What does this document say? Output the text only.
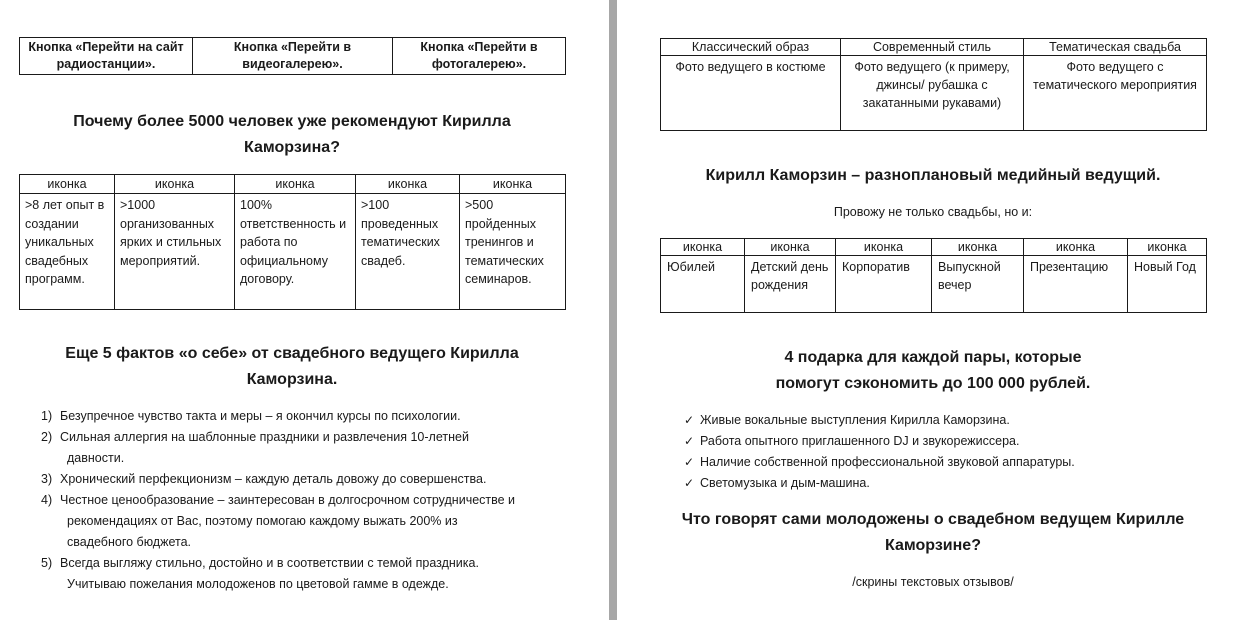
Кнопка «Перейти на сайт радиостанции».	Кнопка «Перейти в видеогалерею».	Кнопка «Перейти в фотогалерею».
Почему более 5000 человек уже рекомендуют Кирилла
Каморзина?
иконка	иконка	иконка	иконка	иконка
>8 лет опыт в создании уникальных свадебных программ.	>1000 организованных ярких и стильных мероприятий.	100% ответственность и работа по официальному договору.	>100 проведенных тематических свадеб.	>500 пройденных тренингов и тематических семинаров.
Еще 5 фактов «о себе» от свадебного ведущего Кирилла
Каморзина.
1) Безупречное чувство такта и меры – я окончил курсы по психологии.
2) Сильная аллергия на шаблонные праздники и развлечения 10-летней
давности.
3) Хронический перфекционизм – каждую деталь довожу до совершенства.
4) Честное ценообразование – заинтересован в долгосрочном сотрудничестве и
рекомендациях от Вас, поэтому помогаю каждому выжать 200% из
свадебного бюджета.
5) Всегда выгляжу стильно, достойно и в соответствии с темой праздника.
Учитываю пожелания молодоженов по цветовой гамме в одежде.
Классический образ	Современный стиль	Тематическая свадьба
Фото ведущего в костюме	Фото ведущего (к примеру, джинсы/ рубашка с закатанными рукавами)	Фото ведущего с тематического мероприятия
Кирилл Каморзин – разноплановый медийный ведущий.
Провожу не только свадьбы, но и:
иконка	иконка	иконка	иконка	иконка	иконка
Юбилей	Детский день рождения	Корпоратив	Выпускной вечер	Презентацию	Новый Год
4 подарка для каждой пары, которые
помогут сэкономить до 100 000 рублей.
✓ Живые вокальные выступления Кирилла Каморзина.
✓ Работа опытного приглашенного DJ и звукорежиссера.
✓ Наличие собственной профессиональной звуковой аппаратуры.
✓ Светомузыка и дым-машина.
Что говорят сами молодожены о свадебном ведущем Кирилле
Каморзине?
/скрины текстовых отзывов/
